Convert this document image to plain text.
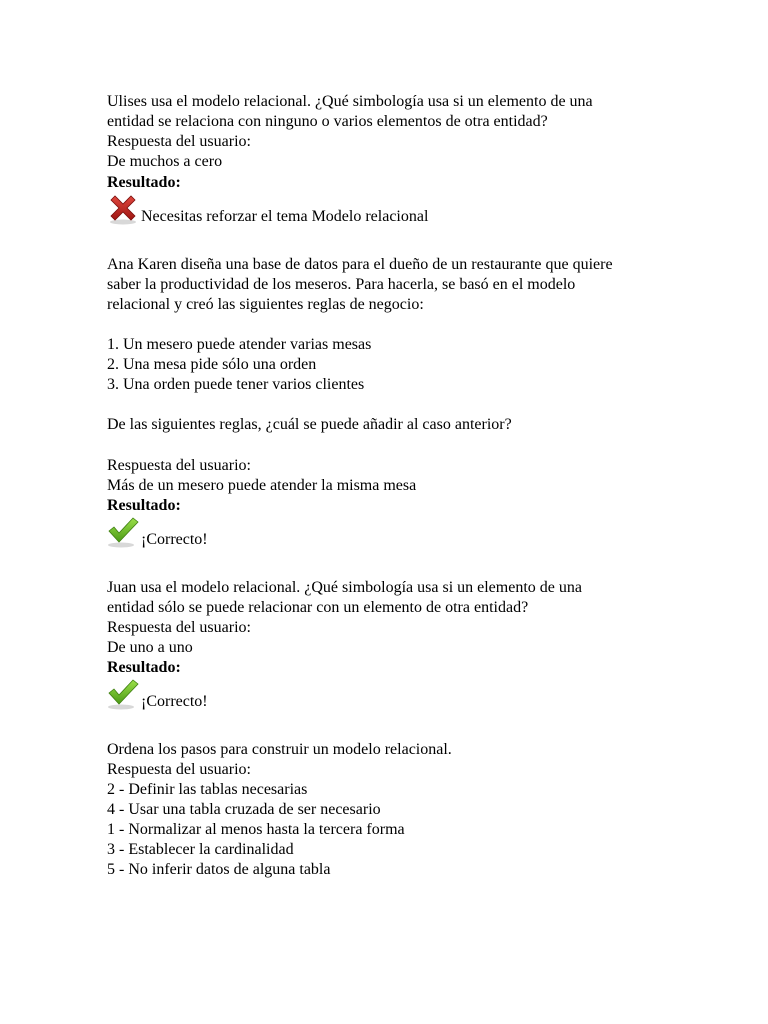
Ulises usa el modelo relacional. ¿Qué simbología usa si un elemento de una
entidad se relaciona con ninguno o varios elementos de otra entidad?
Respuesta del usuario:
De muchos a cero
Resultado:
Necesitas reforzar el tema Modelo relacional
Ana Karen diseña una base de datos para el dueño de un restaurante que quiere
saber la productividad de los meseros. Para hacerla, se basó en el modelo
relacional y creó las siguientes reglas de negocio:
1. Un mesero puede atender varias mesas
2. Una mesa pide sólo una orden
3. Una orden puede tener varios clientes
De las siguientes reglas, ¿cuál se puede añadir al caso anterior?
Respuesta del usuario:
Más de un mesero puede atender la misma mesa
Resultado:
¡Correcto!
Juan usa el modelo relacional. ¿Qué simbología usa si un elemento de una
entidad sólo se puede relacionar con un elemento de otra entidad?
Respuesta del usuario:
De uno a uno
Resultado:
¡Correcto!
Ordena los pasos para construir un modelo relacional.
Respuesta del usuario:
2 - Definir las tablas necesarias
4 - Usar una tabla cruzada de ser necesario
1 - Normalizar al menos hasta la tercera forma
3 - Establecer la cardinalidad
5 - No inferir datos de alguna tabla
